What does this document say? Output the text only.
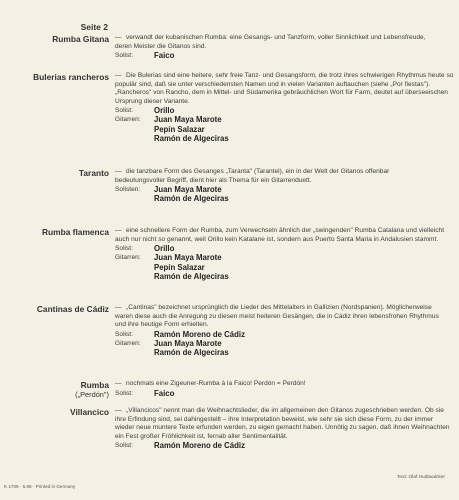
Seite 2
Rumba Gitana — verwandt der kubanischen Rumba: eine Gesangs- und Tanzform, voller Sinnlichkeit und Lebensfreude, deren Meister die Gitanos sind.

Solist:	Faico
Bulerias rancheros — Die Bulerias sind eine heitere, sehr freie Tanz- und Gesangsform, die trotz ihres schwierigen Rhythmus heute so populär sind, daß sie unter verschiedensten Namen und in vielen Varianten auftauchen (siehe „Por fiestas"). „Rancheros" von Rancho, dem in Mittel- und Südamerika gebräuchlichen Wort für Farm, deutet auf überseeischen Ursprung dieser Variante.

Solist:	Orillo
Gitarren:	Juan Maya Marote
Pepín Salazar
Ramón de Algeciras
Taranto — die tanzbare Form des Gesanges „Taranta" (Tarantel), ein in der Welt der Gitanos offenbar bedeutungsvoller Begriff, dient hier als Thema für ein Gitarrenduett.

Solisten:	Juan Maya Marote
Ramón de Algeciras
Rumba flamenca — eine schnellere Form der Rumba, zum Verwechseln ähnlich der „swingenden" Rumba Catalana und vielleicht auch nur nicht so genannt, weil Orillo kein Katalane ist, sondern aus Puerto Santa Maria in Andalusien stammt.

Solist:	Orillo
Gitarren:	Juan Maya Marote
Pepín Salazar
Ramón de Algeciras
Cantinas de Cádiz — „Cantinas" bezeichnet ursprünglich die Lieder des Mittelalters in Gallizien (Nordspanien). Möglicherweise waren diese auch die Anregung zu diesen meist heiteren Gesängen, die in Cádiz ihren lebensfrohen Rhythmus und ihre heutige Form erhielten.

Solist:	Ramón Moreno de Cádiz
Gitarren:	Juan Maya Marote
Ramón de Algeciras
Rumba
(„Perdón")

— nochmals eine Zigeuner-Rumba à la Faico! Perdón = Perdón!

Solist:	Faico
Villancico — „Villancicos" nennt man die Weihnachtslieder, die im allgemeinen den Gitanos zugeschrieben werden. Ob sie ihre Erfindung sind, sei dahingestellt – ihre Interpretation beweist, wie sehr sie sich diese Form, zu der immer wieder neue muntere Texte erfunden werden, zu eigen gemacht haben. Unnötig zu sagen, daß ihnen Weihnachten ein Fest großer Fröhlichkeit ist, fernab aller Sentimentalität.

Solist:	Ramón Moreno de Cádiz
K 1709 · 5.66 · Printed in Germany
Text: Olaf Hudtwalcker
